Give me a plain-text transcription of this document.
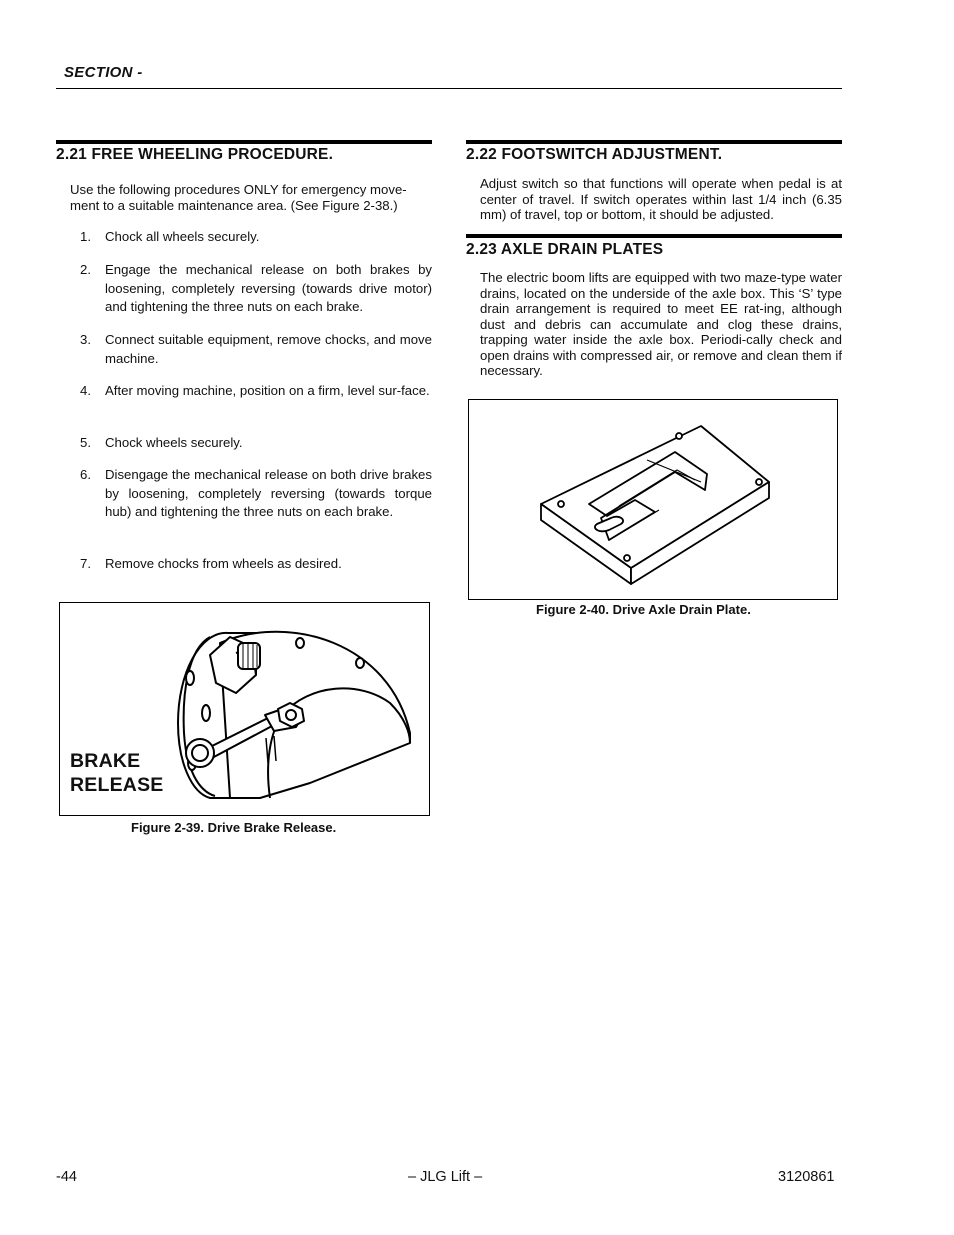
SECTION -
2.21 FREE WHEELING PROCEDURE.
Use the following procedures ONLY for emergency move-
ment to a suitable maintenance area. (See Figure 2-38.)
1. Chock all wheels securely.
2. Engage the mechanical release on both brakes by loosening, completely reversing (towards drive motor) and tightening the three nuts on each brake.
3. Connect suitable equipment, remove chocks, and move machine.
4. After moving machine, position on a firm, level sur-face.
5. Chock wheels securely.
6. Disengage the mechanical release on both drive brakes by loosening, completely reversing (towards torque hub) and tightening the three nuts on each brake.
7. Remove chocks from wheels as desired.
BRAKE
RELEASE
Figure 2-39. Drive Brake Release.
2.22 FOOTSWITCH ADJUSTMENT.
Adjust switch so that functions will operate when pedal is at center of travel. If switch operates within last 1/4 inch (6.35 mm) of travel, top or bottom, it should be adjusted.
2.23 AXLE DRAIN PLATES
The electric boom lifts are equipped with two maze-type water drains, located on the underside of the axle box. This ‘S’ type drain arrangement is required to meet EE rat-ing, although dust and debris can accumulate and clog these drains, trapping water inside the axle box. Periodi-cally check and open drains with compressed air, or remove and clean them if necessary.
Figure 2-40. Drive Axle Drain Plate.
-44	– JLG Lift –	3120861
